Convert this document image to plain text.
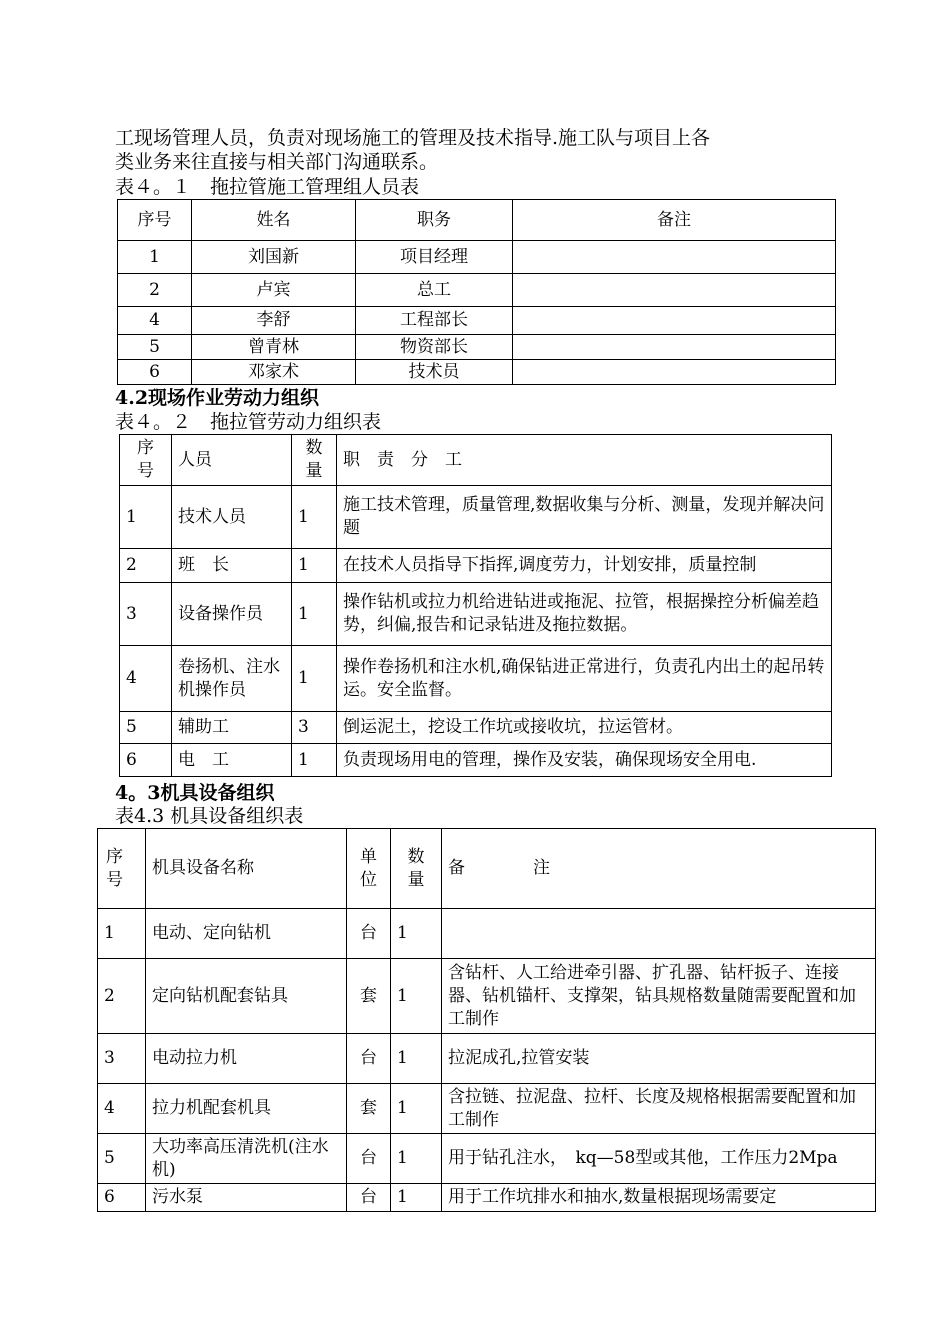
工现场管理人员，负责对现场施工的管理及技术指导.施工队与项目上各
类业务来往直接与相关部门沟通联系。
表４。１　拖拉管施工管理组人员表
序号	姓名	职务	备注
1	刘国新	项目经理	
2	卢宾	总工	
4	李舒	工程部长	
5	曾青林	物资部长	
6	邓家术	技术员	
4.2现场作业劳动力组织
表４。２　拖拉管劳动力组织表
序号	人员	数量	职　责　分　工
1	技术人员	1	施工技术管理，质量管理,数据收集与分析、测量，发现并解决问题
2	班　长	1	在技术人员指导下指挥,调度劳力，计划安排，质量控制
3	设备操作员	1	操作钻机或拉力机给进钻进或拖泥、拉管，根据操控分析偏差趋势，纠偏,报告和记录钻进及拖拉数据。
4	卷扬机、注水机操作员	1	操作卷扬机和注水机,确保钻进正常进行，负责孔内出土的起吊转运。安全监督。
5	辅助工	3	倒运泥土，挖设工作坑或接收坑，拉运管材。
6	电　工	1	负责现场用电的管理，操作及安装，确保现场安全用电.
4。3机具设备组织
表4.3 机具设备组织表
序号	机具设备名称	单位	数量	备　　　　注
1	电动、定向钻机	台	1	
2	定向钻机配套钻具	套	1	含钻杆、人工给进牵引器、扩孔器、钻杆扳子、连接器、钻机锚杆、支撑架，钻具规格数量随需要配置和加工制作
3	电动拉力机	台	1	拉泥成孔,拉管安装
4	拉力机配套机具	套	1	含拉链、拉泥盘、拉杆、长度及规格根据需要配置和加工制作
5	大功率高压清洗机(注水机)	台	1	用于钻孔注水，　kq—58型或其他，工作压力2Mpa
6	污水泵	台	1	用于工作坑排水和抽水,数量根据现场需要定
